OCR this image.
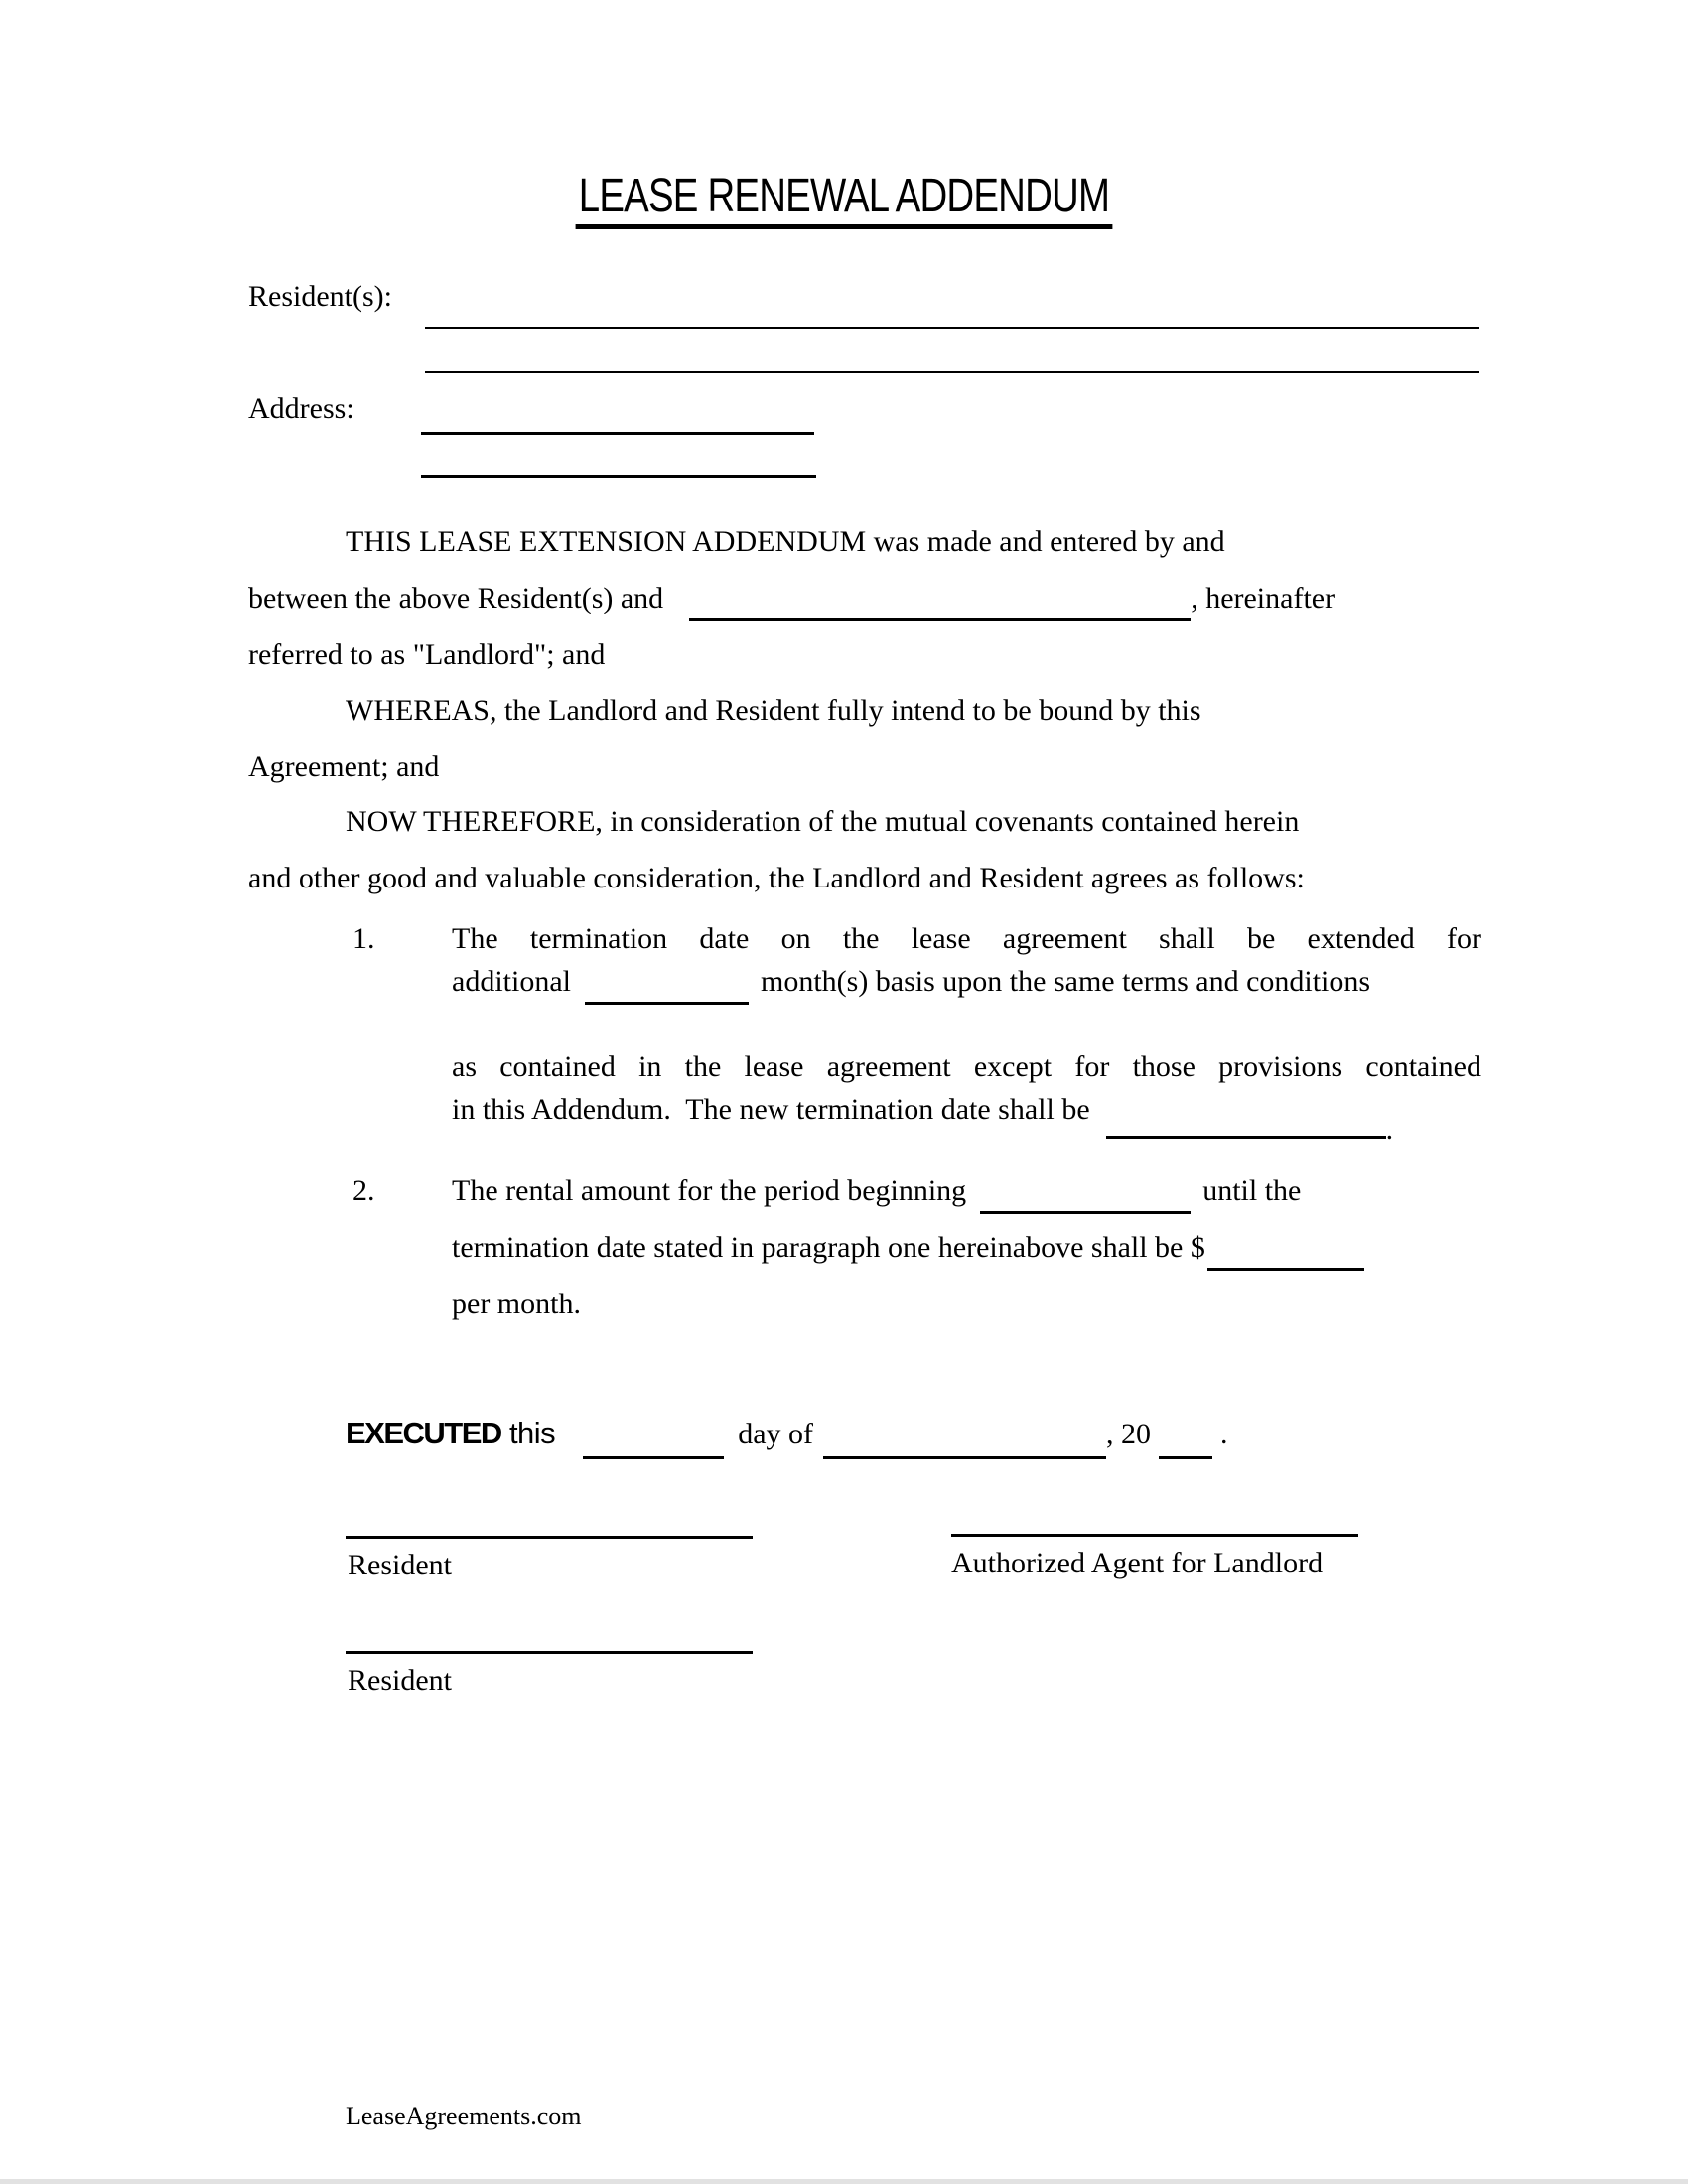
LEASE RENEWAL ADDENDUM
Resident(s):
Address:
THIS LEASE EXTENSION ADDENDUM was made and entered by and
between the above Resident(s) and	, hereinafter
referred to as "Landlord"; and
WHEREAS, the Landlord and Resident fully intend to be bound by this
Agreement; and
NOW THEREFORE, in consideration of the mutual covenants contained herein
and other good and valuable consideration, the Landlord and Resident agrees as follows:
1.	The termination date on the lease agreement shall be extended for
additional	month(s) basis upon the same terms and conditions
as contained in the lease agreement except for those provisions contained
in this Addendum.  The new termination date shall be.
2.	The rental amount for the period beginning	until the
termination date stated in paragraph one hereinabove shall be $
per month.
EXECUTED this	day of	, 20 .
Resident	Authorized Agent for Landlord
Resident
LeaseAgreements.com
